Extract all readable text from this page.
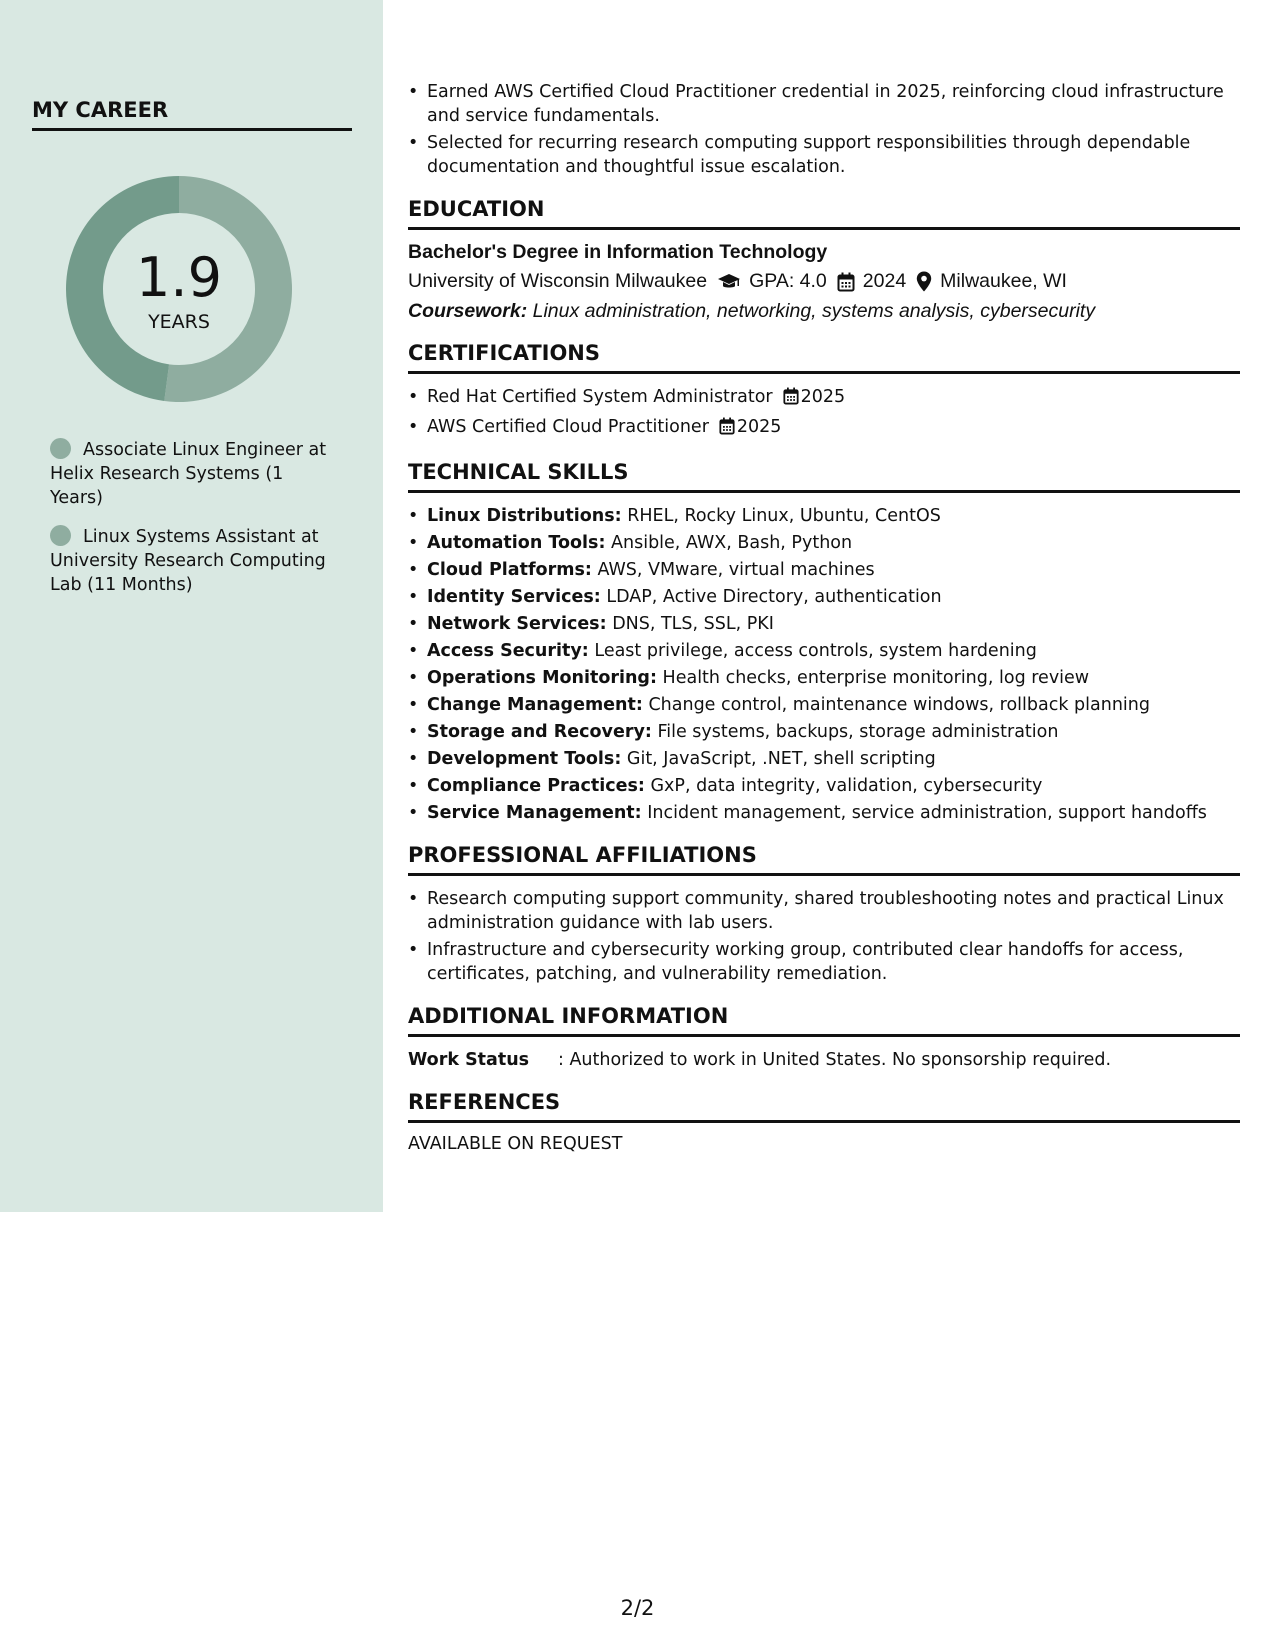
MY CAREER
1.9
YEARS
Associate Linux Engineer at Helix Research Systems (1 Years)
Linux Systems Assistant at University Research Computing Lab (11 Months)
• Earned AWS Certified Cloud Practitioner credential in 2025, reinforcing cloud infrastructure and service fundamentals.
• Selected for recurring research computing support responsibilities through dependable documentation and thoughtful issue escalation.
EDUCATION
Bachelor's Degree in Information Technology
University of Wisconsin Milwaukee GPA: 4.0 2024 Milwaukee, WI
Coursework: Linux administration, networking, systems analysis, cybersecurity
CERTIFICATIONS
• Red Hat Certified System Administrator 2025
• AWS Certified Cloud Practitioner 2025
TECHNICAL SKILLS
• Linux Distributions: RHEL, Rocky Linux, Ubuntu, CentOS
• Automation Tools: Ansible, AWX, Bash, Python
• Cloud Platforms: AWS, VMware, virtual machines
• Identity Services: LDAP, Active Directory, authentication
• Network Services: DNS, TLS, SSL, PKI
• Access Security: Least privilege, access controls, system hardening
• Operations Monitoring: Health checks, enterprise monitoring, log review
• Change Management: Change control, maintenance windows, rollback planning
• Storage and Recovery: File systems, backups, storage administration
• Development Tools: Git, JavaScript, .NET, shell scripting
• Compliance Practices: GxP, data integrity, validation, cybersecurity
• Service Management: Incident management, service administration, support handoffs
PROFESSIONAL AFFILIATIONS
• Research computing support community, shared troubleshooting notes and practical Linux administration guidance with lab users.
• Infrastructure and cybersecurity working group, contributed clear handoffs for access, certificates, patching, and vulnerability remediation.
ADDITIONAL INFORMATION
Work Status	: Authorized to work in United States. No sponsorship required.
REFERENCES
AVAILABLE ON REQUEST
2/2
